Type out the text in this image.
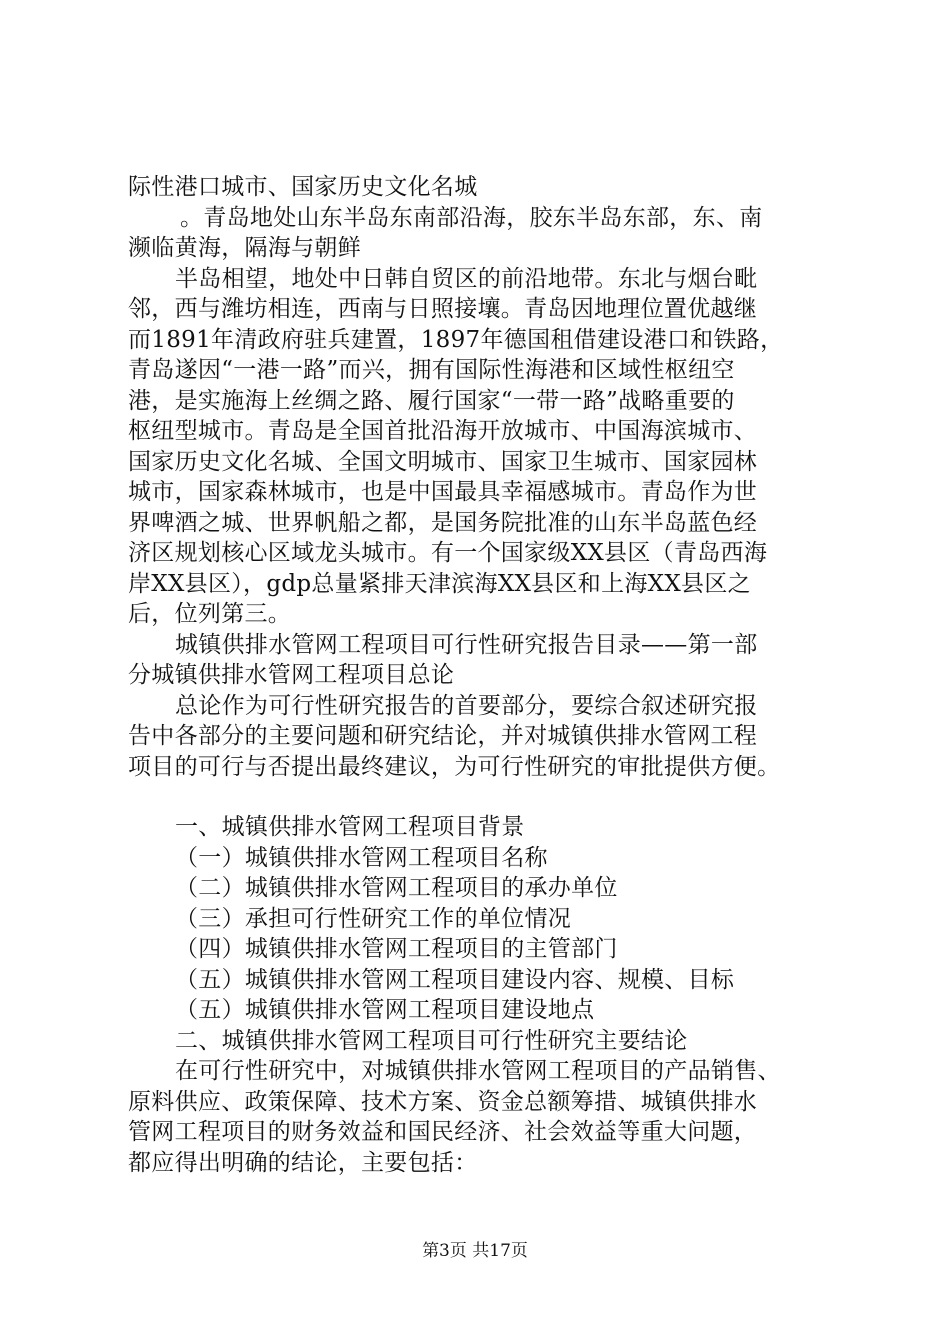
际性港口城市、国家历史文化名城
。青岛地处山东半岛东南部沿海，胶东半岛东部，东、南
濒临黄海，隔海与朝鲜
半岛相望，地处中日韩自贸区的前沿地带。东北与烟台毗
邻，西与潍坊相连，西南与日照接壤。青岛因地理位置优越继
而1891年清政府驻兵建置，1897年德国租借建设港口和铁路，
青岛遂因“一港一路”而兴，拥有国际性海港和区域性枢纽空
港，是实施海上丝绸之路、履行国家“一带一路”战略重要的
枢纽型城市。青岛是全国首批沿海开放城市、中国海滨城市、
国家历史文化名城、全国文明城市、国家卫生城市、国家园林
城市，国家森林城市，也是中国最具幸福感城市。青岛作为世
界啤酒之城、世界帆船之都，是国务院批准的山东半岛蓝色经
济区规划核心区域龙头城市。有一个国家级XX县区（青岛西海
岸XX县区），gdp总量紧排天津滨海XX县区和上海XX县区之
后，位列第三。
城镇供排水管网工程项目可行性研究报告目录——第一部
分城镇供排水管网工程项目总论
总论作为可行性研究报告的首要部分，要综合叙述研究报
告中各部分的主要问题和研究结论，并对城镇供排水管网工程
项目的可行与否提出最终建议，为可行性研究的审批提供方便。
一、城镇供排水管网工程项目背景
（一）城镇供排水管网工程项目名称
（二）城镇供排水管网工程项目的承办单位
（三）承担可行性研究工作的单位情况
（四）城镇供排水管网工程项目的主管部门
（五）城镇供排水管网工程项目建设内容、规模、目标
（五）城镇供排水管网工程项目建设地点
二、城镇供排水管网工程项目可行性研究主要结论
在可行性研究中，对城镇供排水管网工程项目的产品销售、
原料供应、政策保障、技术方案、资金总额筹措、城镇供排水
管网工程项目的财务效益和国民经济、社会效益等重大问题，
都应得出明确的结论，主要包括：
第3页 共17页
